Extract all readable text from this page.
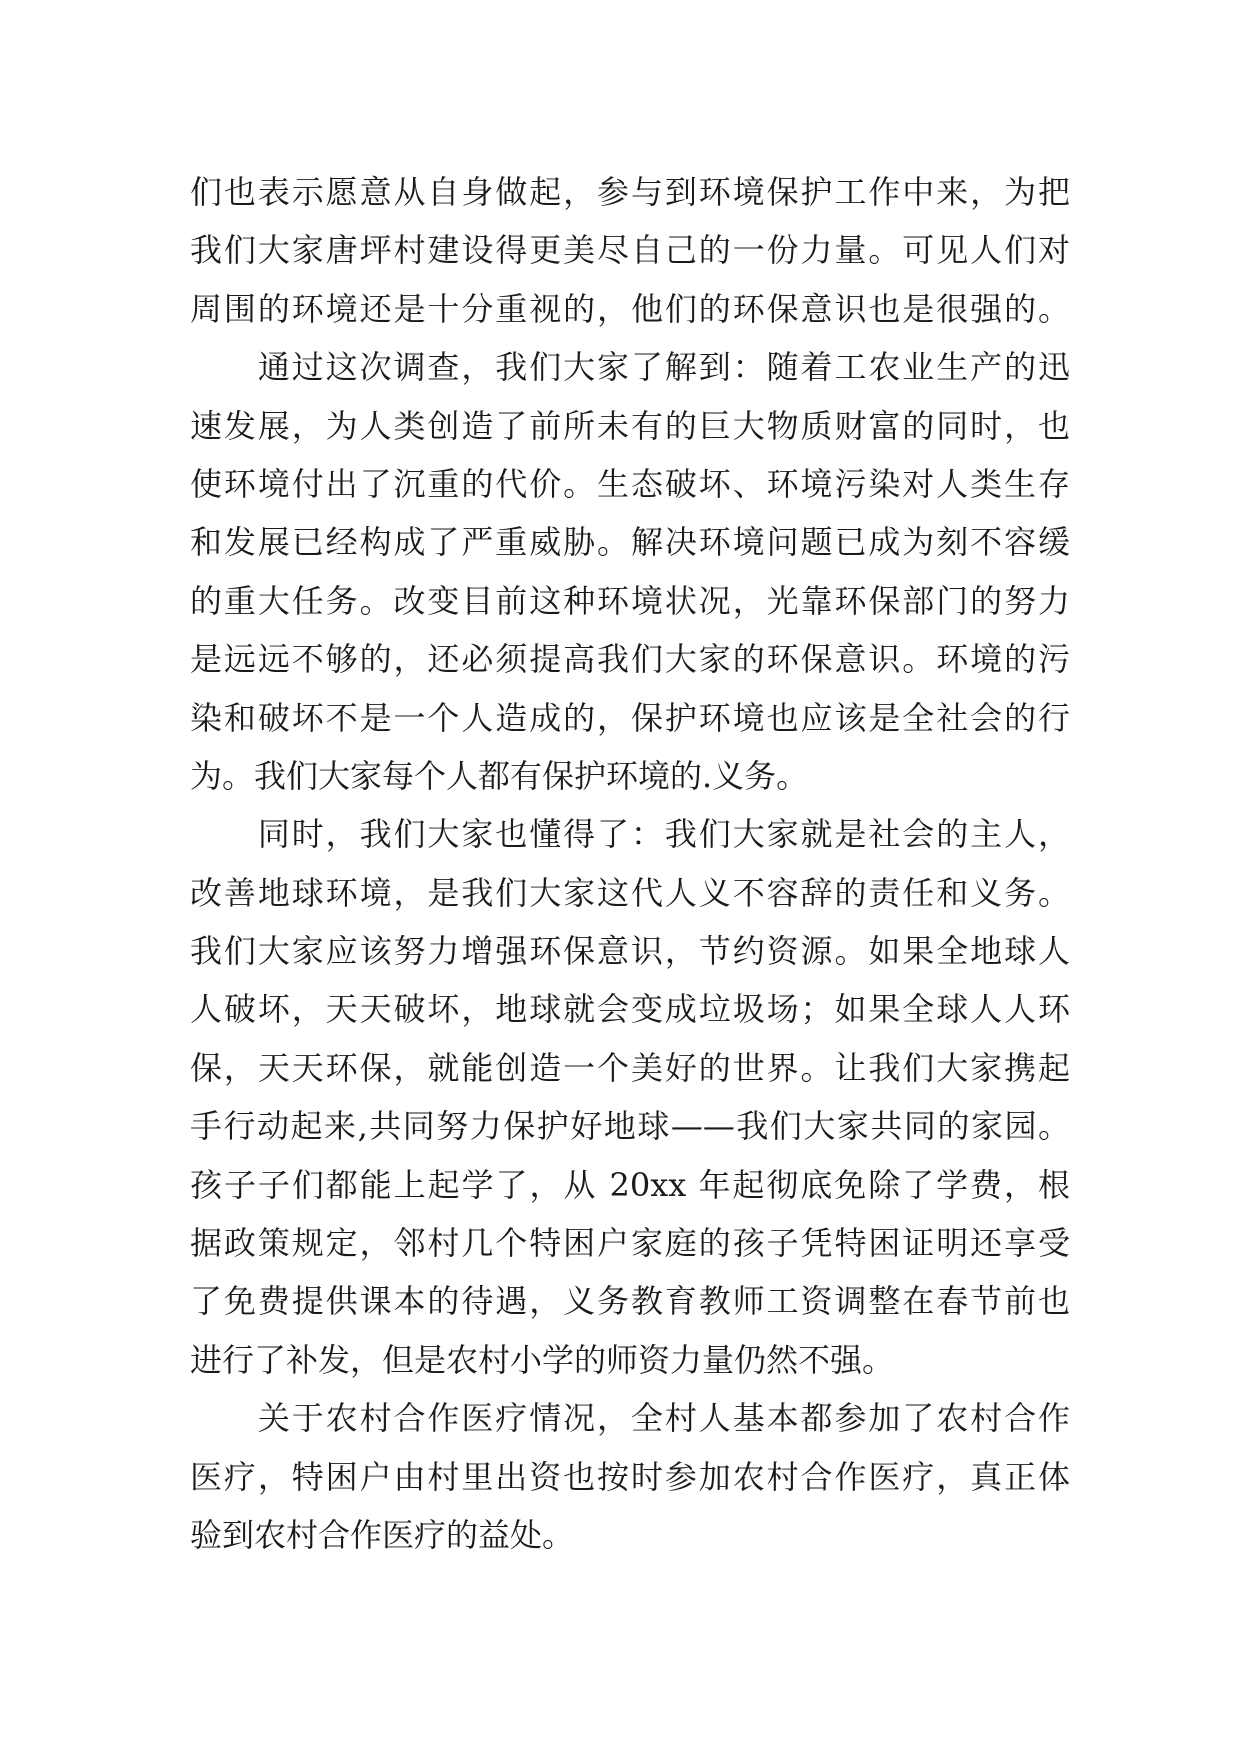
们也表示愿意从自身做起，参与到环境保护工作中来，为把
我们大家唐坪村建设得更美尽自己的一份力量。可见人们对
周围的环境还是十分重视的，他们的环保意识也是很强的。
　　通过这次调查，我们大家了解到：随着工农业生产的迅
速发展，为人类创造了前所未有的巨大物质财富的同时，也
使环境付出了沉重的代价。生态破坏、环境污染对人类生存
和发展已经构成了严重威胁。解决环境问题已成为刻不容缓
的重大任务。改变目前这种环境状况，光靠环保部门的努力
是远远不够的，还必须提高我们大家的环保意识。环境的污
染和破坏不是一个人造成的，保护环境也应该是全社会的行
为。我们大家每个人都有保护环境的.义务。
　　同时，我们大家也懂得了：我们大家就是社会的主人，
改善地球环境，是我们大家这代人义不容辞的责任和义务。
我们大家应该努力增强环保意识，节约资源。如果全地球人
人破坏，天天破坏，地球就会变成垃圾场；如果全球人人环
保，天天环保，就能创造一个美好的世界。让我们大家携起
手行动起来,共同努力保护好地球——我们大家共同的家园。
孩子子们都能上起学了，从 20xx 年起彻底免除了学费，根
据政策规定，邻村几个特困户家庭的孩子凭特困证明还享受
了免费提供课本的待遇，义务教育教师工资调整在春节前也
进行了补发，但是农村小学的师资力量仍然不强。
　　关于农村合作医疗情况，全村人基本都参加了农村合作
医疗，特困户由村里出资也按时参加农村合作医疗，真正体
验到农村合作医疗的益处。
